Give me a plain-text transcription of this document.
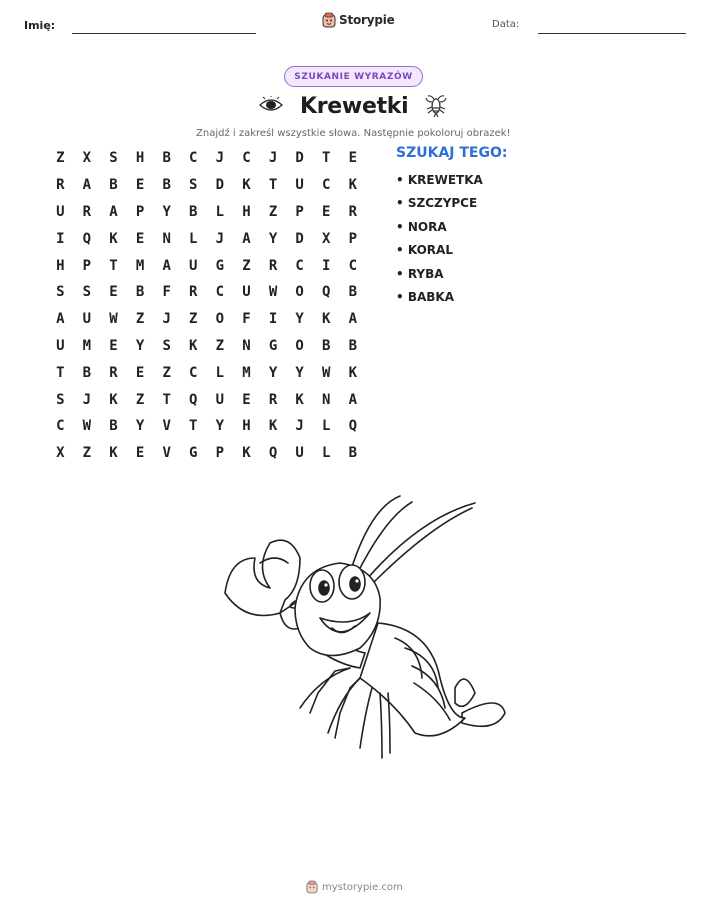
Imię:	Storypie	Data:
SZUKANIE WYRAZÓW
Krewetki
Znajdź i zakreśl wszystkie słowa. Następnie pokoloruj obrazek!
Z	X	S	H	B	C	J	C	J	D	T	E
R	A	B	E	B	S	D	K	T	U	C	K
U	R	A	P	Y	B	L	H	Z	P	E	R
I	Q	K	E	N	L	J	A	Y	D	X	P
H	P	T	M	A	U	G	Z	R	C	I	C
S	S	E	B	F	R	C	U	W	O	Q	B
A	U	W	Z	J	Z	O	F	I	Y	K	A
U	M	E	Y	S	K	Z	N	G	O	B	B
T	B	R	E	Z	C	L	M	Y	Y	W	K
S	J	K	Z	T	Q	U	E	R	K	N	A
C	W	B	Y	V	T	Y	H	K	J	L	Q
X	Z	K	E	V	G	P	K	Q	U	L	B
SZUKAJ TEGO:
• KREWETKA
• SZCZYPCE
• NORA
• KORAL
• RYBA
• BABKA
mystorypie.com
